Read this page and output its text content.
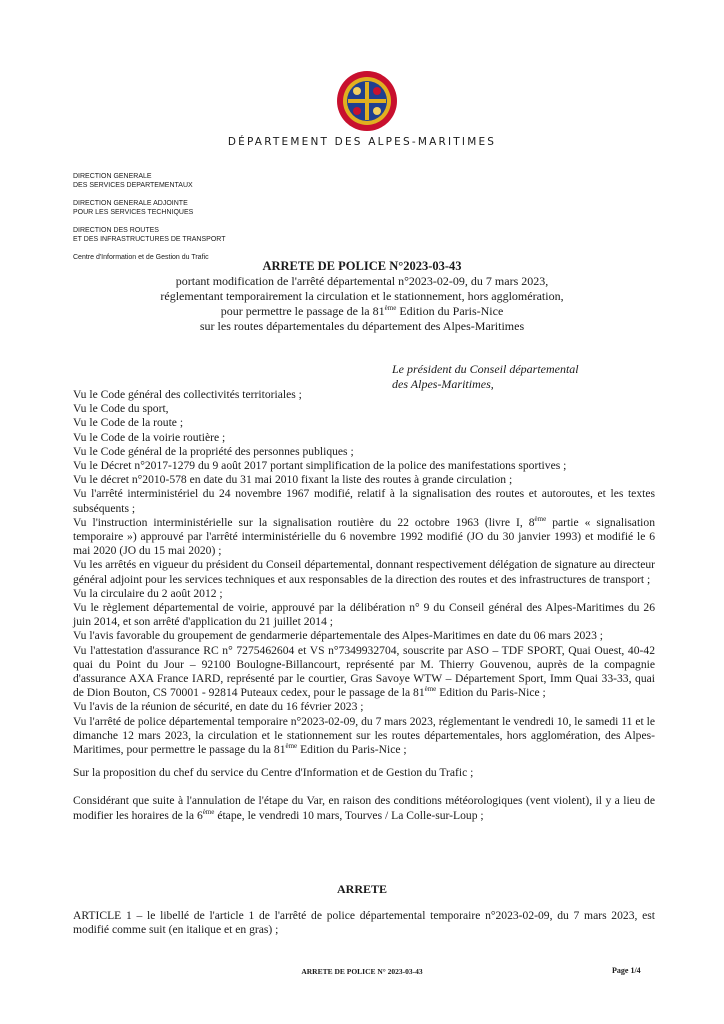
DÉPARTEMENT DES ALPES-MARITIMES
DIRECTION GENERALE
DES SERVICES DEPARTEMENTAUX
DIRECTION GENERALE ADJOINTE
POUR LES SERVICES TECHNIQUES
DIRECTION DES ROUTES
ET DES INFRASTRUCTURES DE TRANSPORT
Centre d'Information et de Gestion du Trafic
ARRETE DE POLICE N°2023-03-43
portant modification de l'arrêté départemental n°2023-02-09, du 7 mars 2023,
réglementant temporairement la circulation et le stationnement, hors agglomération,
pour permettre le passage de la 81ème Edition du Paris-Nice
sur les routes départementales du département des Alpes-Maritimes
Le président du Conseil départemental
des Alpes-Maritimes,

Vu le Code général des collectivités territoriales ;

Vu le Code du sport,

Vu le Code de la route ;

Vu le Code de la voirie routière ;

Vu le Code général de la propriété des personnes publiques ;

Vu le Décret n°2017-1279 du 9 août 2017 portant simplification de la police des manifestations sportives ;

Vu le décret n°2010-578 en date du 31 mai 2010 fixant la liste des routes à grande circulation ;

Vu l'arrêté interministériel du 24 novembre 1967 modifié, relatif à la signalisation des routes et autoroutes, et les textes subséquents ;

Vu l'instruction interministérielle sur la signalisation routière du 22 octobre 1963 (livre I, 8ème partie « signalisation temporaire ») approuvé par l'arrêté interministérielle du 6 novembre 1992 modifié (JO du 30 janvier 1993) et modifié le 6 mai 2020 (JO du 15 mai 2020) ;

Vu les arrêtés en vigueur du président du Conseil départemental, donnant respectivement délégation de signature au directeur général adjoint pour les services techniques et aux responsables de la direction des routes et des infrastructures de transport ;

Vu la circulaire du 2 août 2012 ;

Vu le règlement départemental de voirie, approuvé par la délibération n° 9 du Conseil général des Alpes-Maritimes du 26 juin 2014, et son arrêté d'application du 21 juillet 2014 ;

Vu l'avis favorable du groupement de gendarmerie départementale des Alpes-Maritimes en date du 06 mars 2023 ;

Vu l'attestation d'assurance RC n° 7275462604 et VS n°7349932704, souscrite par ASO – TDF SPORT, Quai Ouest, 40-42 quai du Point du Jour – 92100 Boulogne-Billancourt, représenté par M. Thierry Gouvenou, auprès de la compagnie d'assurance AXA France IARD, représenté par le courtier, Gras Savoye WTW – Département Sport, Imm Quai 33-33, quai de Dion Bouton, CS 70001 - 92814 Puteaux cedex, pour le passage de la 81ème Edition du Paris-Nice ;

Vu l'avis de la réunion de sécurité, en date du 16 février 2023 ;

Vu l'arrêté de police départemental temporaire n°2023-02-09, du 7 mars 2023, réglementant le vendredi 10, le samedi 11 et le dimanche 12 mars 2023, la circulation et le stationnement sur les routes départementales, hors agglomération, des Alpes-Maritimes, pour permettre le passage du la 81ème Edition du Paris-Nice ;

Sur la proposition du chef du service du Centre d'Information et de Gestion du Trafic ;

Considérant que suite à l'annulation de l'étape du Var, en raison des conditions météorologiques (vent violent), il y a lieu de modifier les horaires de la 6ème étape, le vendredi 10 mars, Tourves / La Colle-sur-Loup ;

ARRETE
ARTICLE 1 – le libellé de l'article 1 de l'arrêté de police départemental temporaire n°2023-02-09, du 7 mars 2023, est modifié comme suit (en italique et en gras) ;
ARRETE DE POLICE N° 2023-03-43	Page 1/4
